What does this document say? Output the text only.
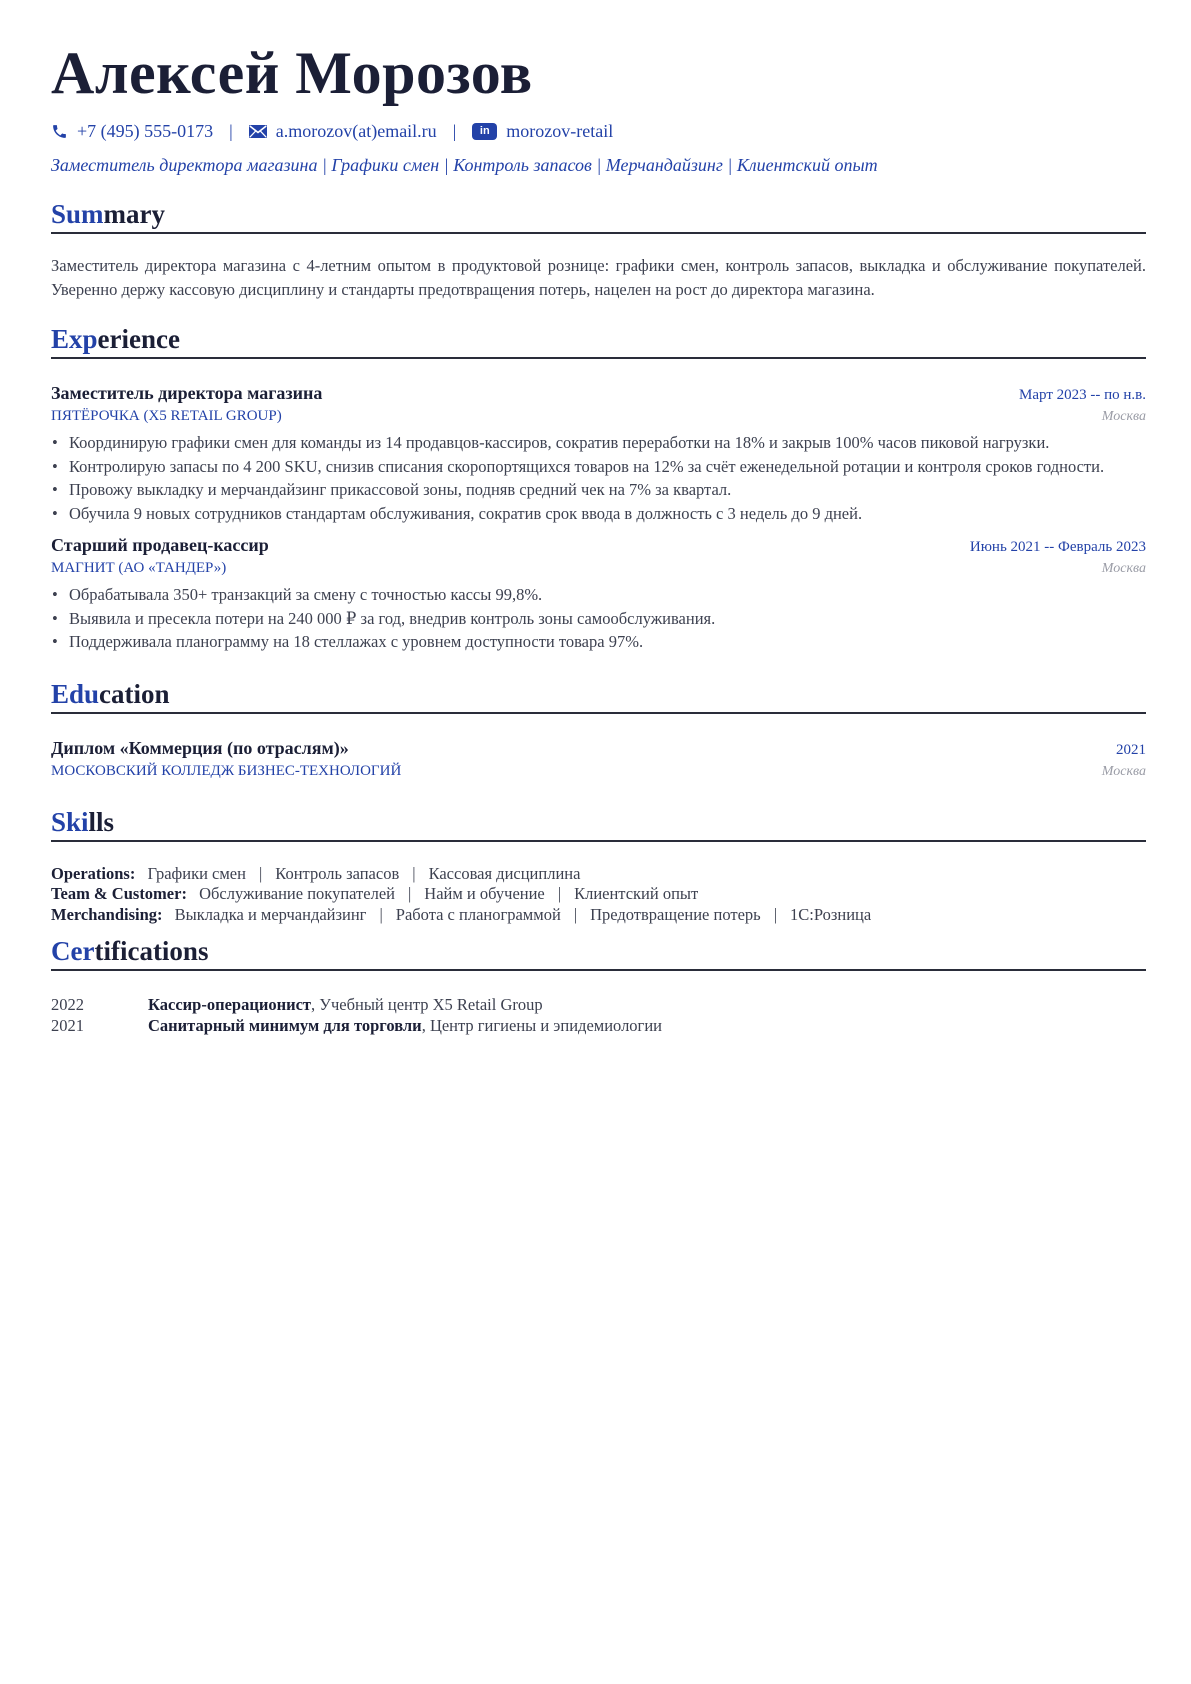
Алексей Морозов
+7 (495) 555-0173 | a.morozov(at)email.ru |	in morozov-retail
Заместитель директора магазина | Графики смен | Контроль запасов | Мерчандайзинг | Клиентский опыт
Summary
Заместитель директора магазина с 4-летним опытом в продуктовой рознице: графики смен, контроль запасов, выкладка и обслуживание покупателей. Уверенно держу кассовую дисциплину и стандарты предотвращения потерь, нацелен на рост до директора магазина.
Experience
Заместитель директора магазина	Март 2023 -- по н.в.
ПЯТЁРОЧКА (X5 RETAIL GROUP)	Москва
• Координирую графики смен для команды из 14 продавцов-кассиров, сократив переработки на 18% и закрыв 100% часов пиковой нагрузки.
• Контролирую запасы по 4 200 SKU, снизив списания скоропортящихся товаров на 12% за счёт еженедельной ротации и контроля сроков годности.
• Провожу выкладку и мерчандайзинг прикассовой зоны, подняв средний чек на 7% за квартал.
• Обучила 9 новых сотрудников стандартам обслуживания, сократив срок ввода в должность с 3 недель до 9 дней.
Старший продавец-кассир	Июнь 2021 -- Февраль 2023
МАГНИТ (АО «ТАНДЕР»)	Москва
• Обрабатывала 350+ транзакций за смену с точностью кассы 99,8%.
• Выявила и пресекла потери на 240 000 ₽ за год, внедрив контроль зоны самообслуживания.
• Поддерживала планограмму на 18 стеллажах с уровнем доступности товара 97%.
Education
Диплом «Коммерция (по отраслям)»	2021
МОСКОВСКИЙ КОЛЛЕДЖ БИЗНЕС-ТЕХНОЛОГИЙ	Москва
Skills
Operations: Графики смен | Контроль запасов | Кассовая дисциплина
Team & Customer: Обслуживание покупателей | Найм и обучение | Клиентский опыт
Merchandising: Выкладка и мерчандайзинг | Работа с планограммой | Предотвращение потерь | 1С:Розница
Certifications
2022	Кассир-операционист, Учебный центр X5 Retail Group
2021	Санитарный минимум для торговли, Центр гигиены и эпидемиологии
